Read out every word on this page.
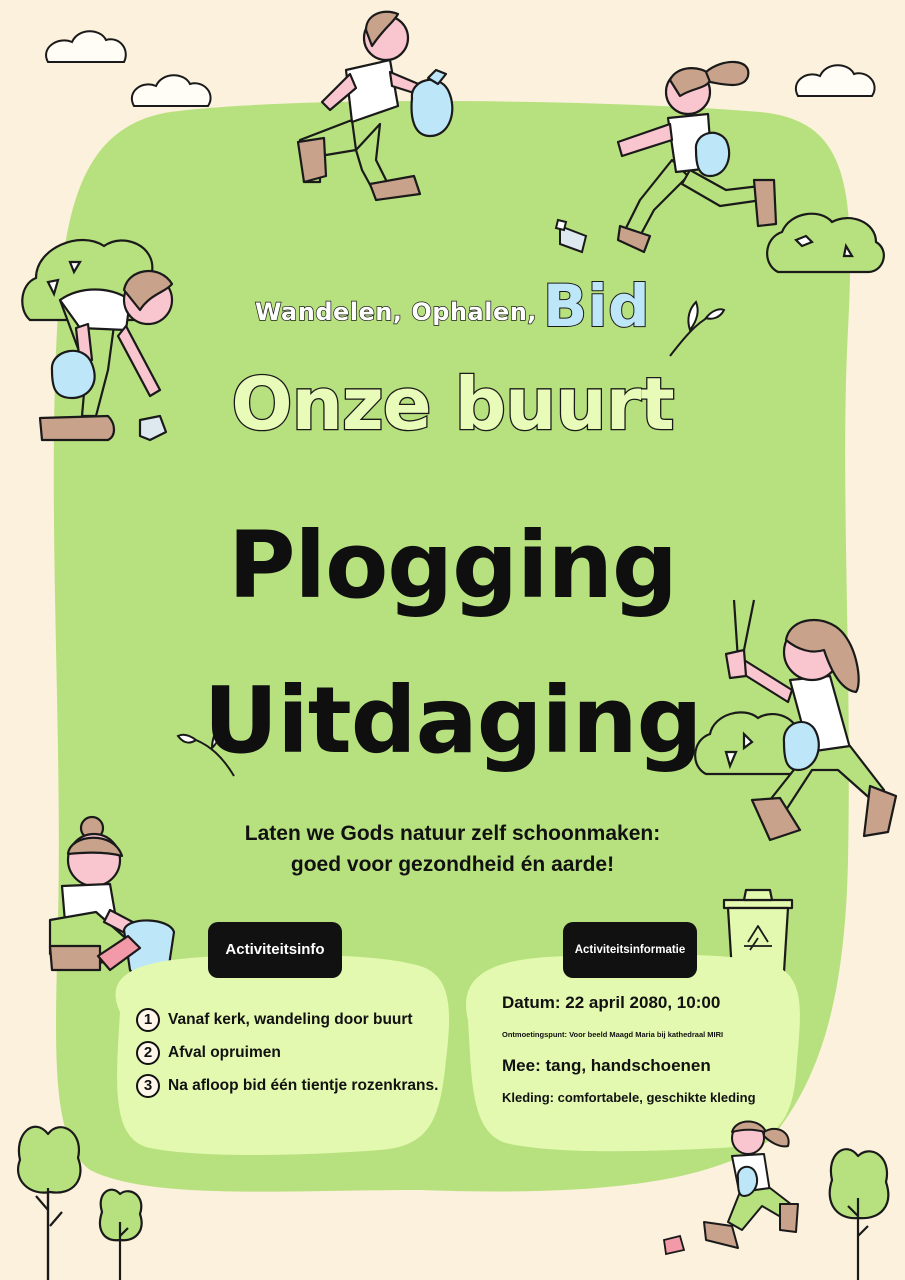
Wandelen, Ophalen, Bid
Onze buurt
Plogging
Uitdaging
Laten we Gods natuur zelf schoonmaken:
goed voor gezondheid én aarde!
Activiteitsinfo	Activiteitsinformatie
1	Vanaf kerk, wandeling door buurt
2	Afval opruimen
3	Na afloop bid één tientje rozenkrans.
Datum: 22 april 2080, 10:00
Ontmoetingspunt: Voor beeld Maagd Maria bij kathedraal MIRI
Mee: tang, handschoenen
Kleding: comfortabele, geschikte kleding
